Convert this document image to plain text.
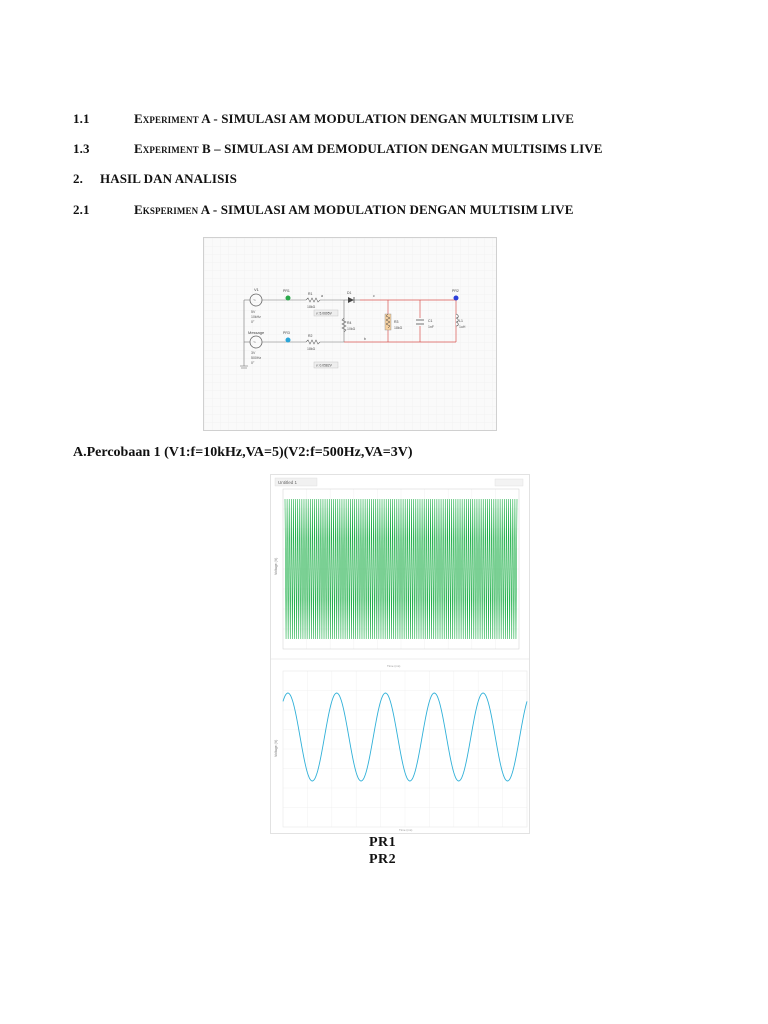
1.1	Experiment A - SIMULASI AM MODULATION DENGAN MULTISIM LIVE
1.3	Experiment B – SIMULASI AM DEMODULATION DENGAN MULTISIMS LIVE
2. HASIL DAN ANALISIS
2.1	Eksperimen A - SIMULASI AM MODULATION DENGAN MULTISIM LIVE
~
V1
5V
10kHz
0°
~
Message
3V
500Hz
0°
R1
18kΩ
R2
18kΩ
PR1
PR3
v: 5.0695V
v: 0.0582V
a	c
b
D1
R4
10kΩ
R3
18kΩ
C1
1nF
L1
1uH
PR2
A.Percobaan 1 (V1:f=10kHz,VA=5)(V2:f=500Hz,VA=3V)
Untitled 1
Voltage (V)
Time (ms)
Voltage (V)
Time (ms)
PR1
PR2
